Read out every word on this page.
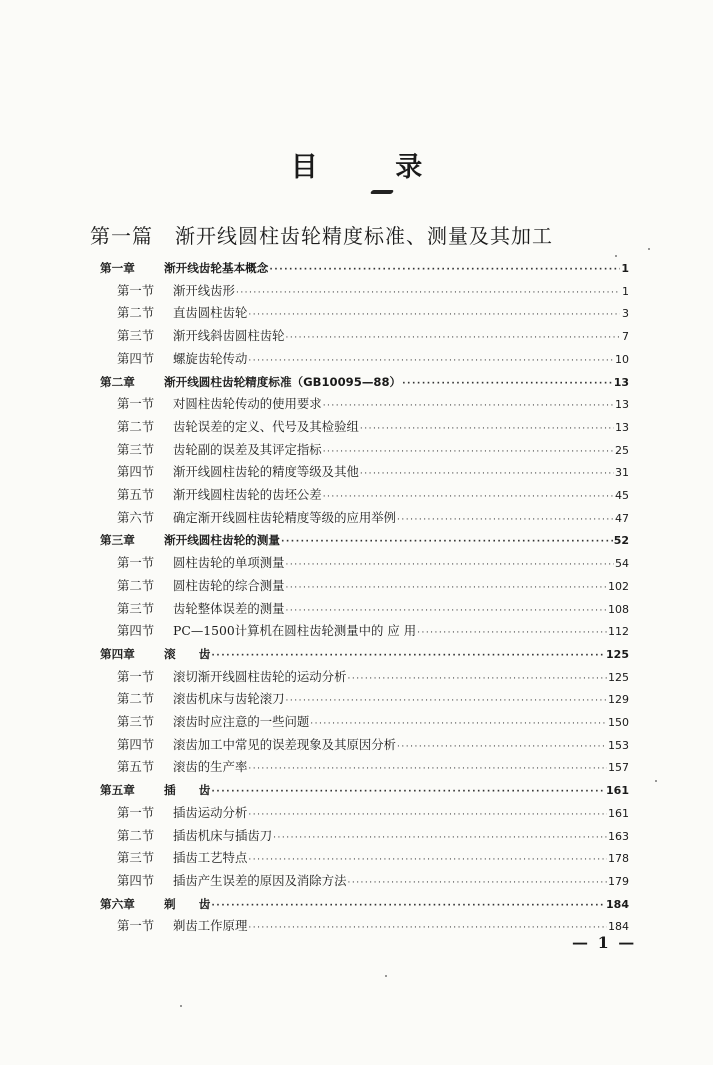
目 录
第一篇 渐开线圆柱齿轮精度标准、测量及其加工
第一章	渐开线齿轮基本概念 ·····	1
第一节	渐开线齿形 ·····	1
第二节	直齿圆柱齿轮 ·····	3
第三节	渐开线斜齿圆柱齿轮 ·····	7
第四节	螺旋齿轮传动 ·····	10
第二章	渐开线圆柱齿轮精度标准（GB10095—88） ·····	13
第一节	对圆柱齿轮传动的使用要求 ·····	13
第二节	齿轮误差的定义、代号及其检验组 ·····	13
第三节	齿轮副的误差及其评定指标 ·····	25
第四节	渐开线圆柱齿轮的精度等级及其他 ·····	31
第五节	渐开线圆柱齿轮的齿坯公差 ·····	45
第六节	确定渐开线圆柱齿轮精度等级的应用举例 ·····	47
第三章	渐开线圆柱齿轮的测量 ·····	52
第一节	圆柱齿轮的单项测量 ·····	54
第二节	圆柱齿轮的综合测量 ·····	102
第三节	齿轮整体误差的测量 ·····	108
第四节	PC—1500计算机在圆柱齿轮测量中的 应 用 ·····	112
第四章	滚　　齿 ·····	125
第一节	滚切渐开线圆柱齿轮的运动分析 ·····	125
第二节	滚齿机床与齿轮滚刀 ·····	129
第三节	滚齿时应注意的一些问题 ·····	150
第四节	滚齿加工中常见的误差现象及其原因分析 ·····	153
第五节	滚齿的生产率 ·····	157
第五章	插　　齿 ·····	161
第一节	插齿运动分析 ·····	161
第二节	插齿机床与插齿刀 ·····	163
第三节	插齿工艺特点 ·····	178
第四节	插齿产生误差的原因及消除方法 ·····	179
第六章	剃　　齿 ·····	184
第一节	剃齿工作原理 ·····	184
— 1 —
